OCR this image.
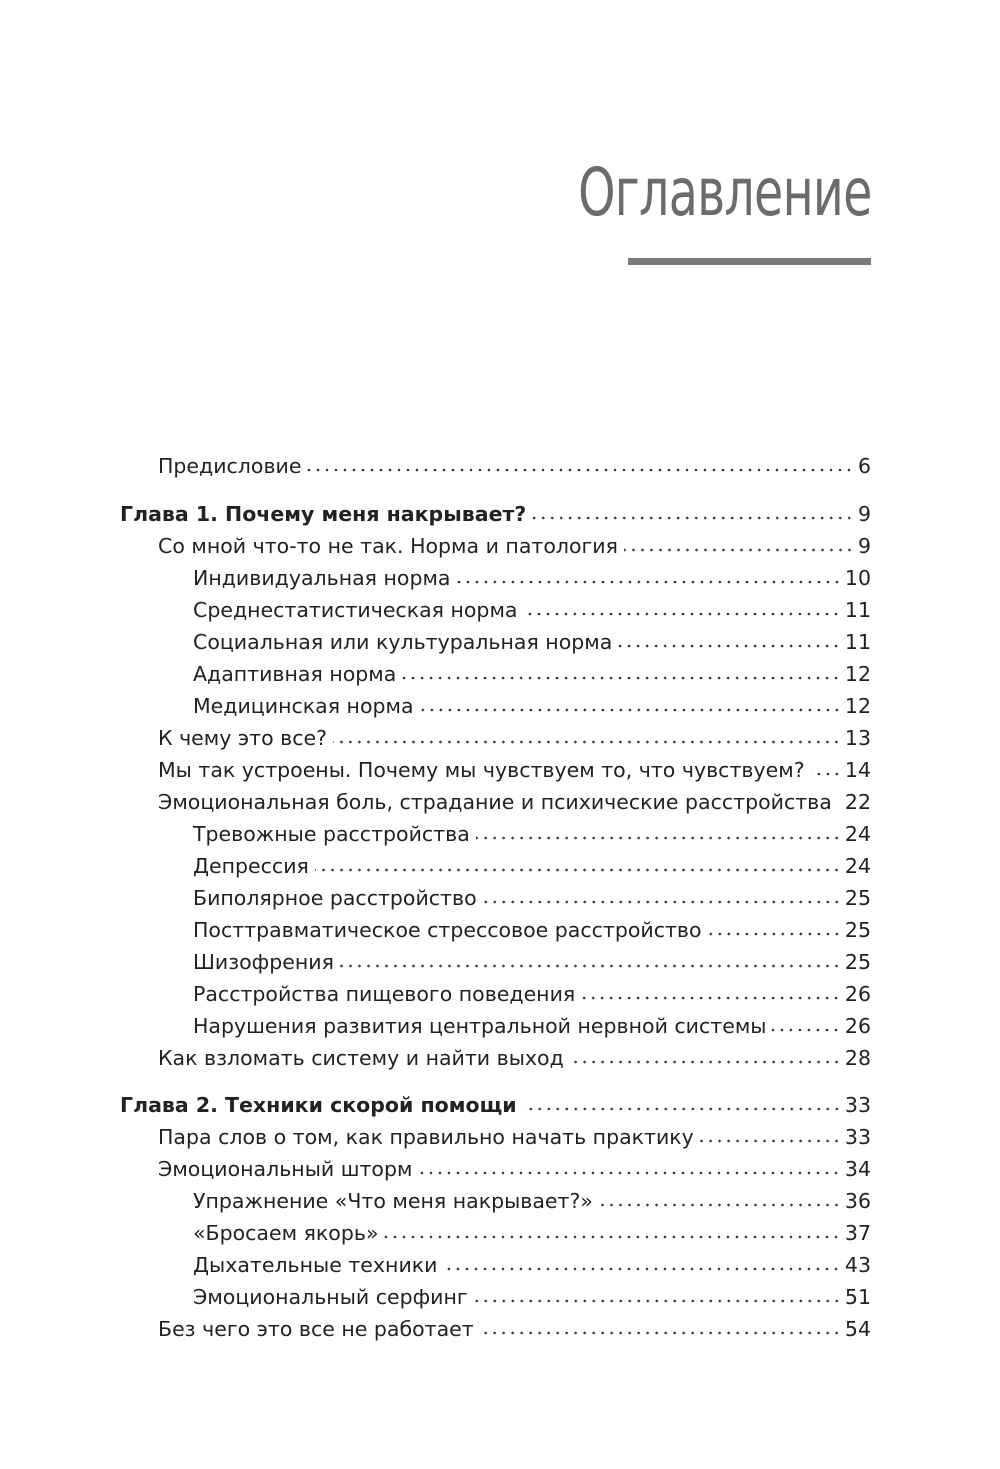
Оглавление
Предисловие	6
Глава 1. Почему меня накрывает?	9
Со мной что-то не так. Норма и патология	9
Индивидуальная норма	10
Среднестатистическая норма	11
Социальная или культуральная норма	11
Адаптивная норма	12
Медицинская норма	12
К чему это все?	13
Мы так устроены. Почему мы чувствуем то, что чувствуем? 14
Эмоциональная боль, страдание и психические расстройства 22
Тревожные расстройства	24
Депрессия	24
Биполярное расстройство	25
Посттравматическое стрессовое расстройство	25
Шизофрения	25
Расстройства пищевого поведения	26
Нарушения развития центральной нервной системы	26
Как взломать систему и найти выход	28
Глава 2. Техники скорой помощи	33
Пара слов о том, как правильно начать практику	33
Эмоциональный шторм	34
Упражнение «Что меня накрывает?»	36
«Бросаем якорь»	37
Дыхательные техники	43
Эмоциональный серфинг	51
Без чего это все не работает	54
